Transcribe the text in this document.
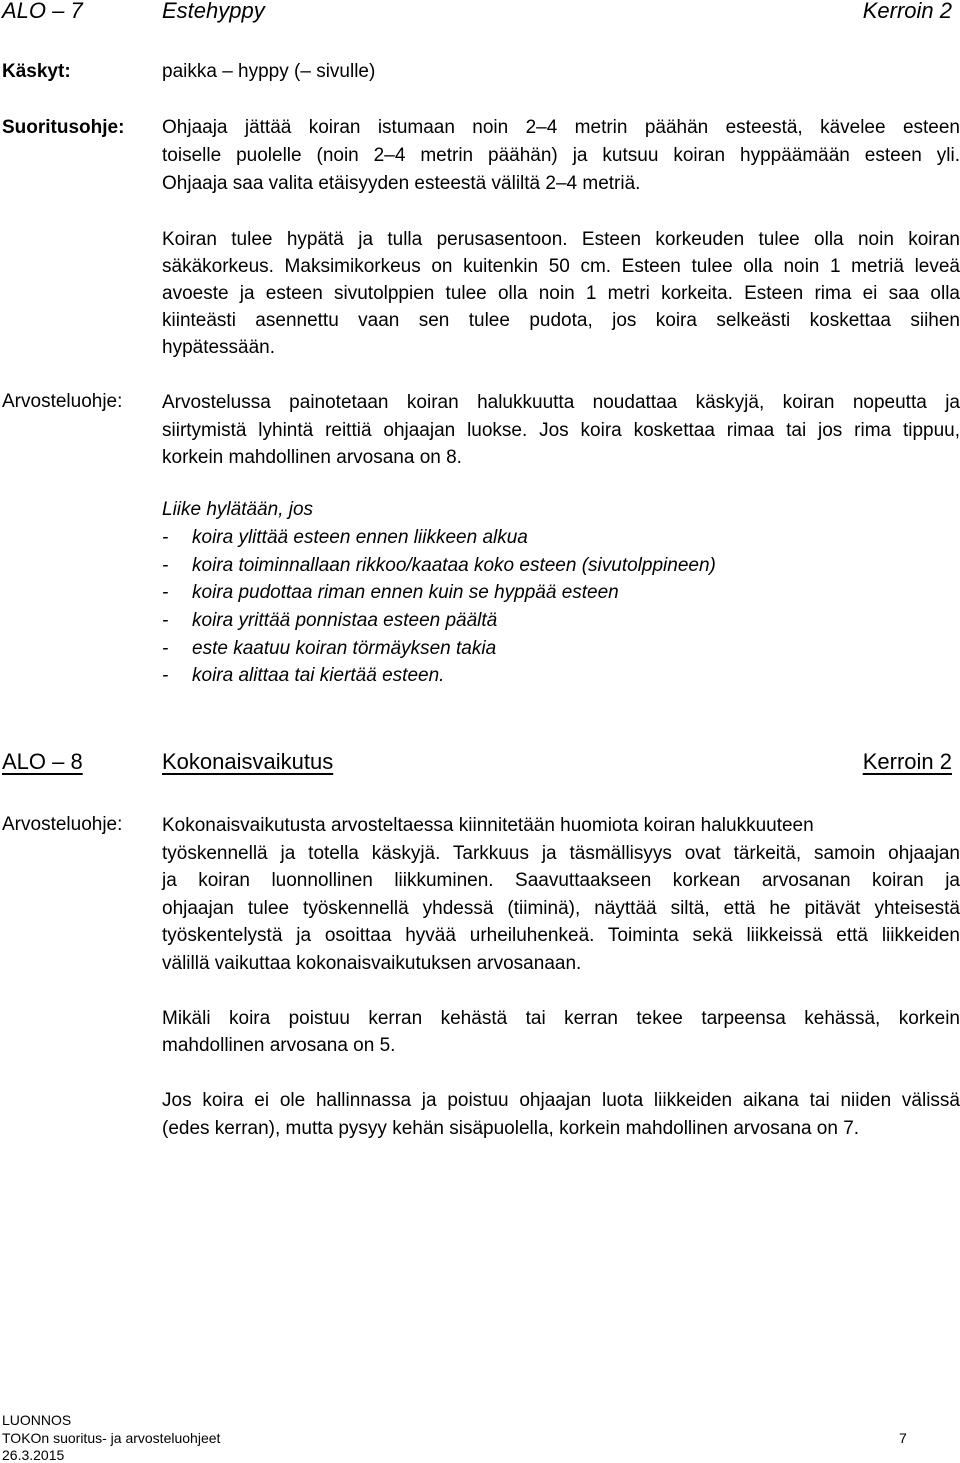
ALO – 7	Estehyppy	Kerroin 2
Käskyt:	paikka – hyppy (– sivulle)
Suoritusohje: Ohjaaja jättää koiran istumaan noin 2–4 metrin päähän esteestä, kävelee esteen
toiselle puolelle (noin 2–4 metrin päähän) ja kutsuu koiran hyppäämään esteen yli.
Ohjaaja saa valita etäisyyden esteestä väliltä 2–4 metriä.
Koiran tulee hypätä ja tulla perusasentoon. Esteen korkeuden tulee olla noin koiran
säkäkorkeus. Maksimikorkeus on kuitenkin 50 cm. Esteen tulee olla noin 1 metriä leveä
avoeste ja esteen sivutolppien tulee olla noin 1 metri korkeita. Esteen rima ei saa olla
kiinteästi asennettu vaan sen tulee pudota, jos koira selkeästi koskettaa siihen
hypätessään.
Arvosteluohje: Arvostelussa painotetaan koiran halukkuutta noudattaa käskyjä, koiran nopeutta ja
siirtymistä lyhintä reittiä ohjaajan luokse. Jos koira koskettaa rimaa tai jos rima tippuu,
korkein mahdollinen arvosana on 8.
Liike hylätään, jos
- koira ylittää esteen ennen liikkeen alkua
- koira toiminnallaan rikkoo/kaataa koko esteen (sivutolppineen)
- koira pudottaa riman ennen kuin se hyppää esteen
- koira yrittää ponnistaa esteen päältä
- este kaatuu koiran törmäyksen takia
- koira alittaa tai kiertää esteen.
ALO – 8	Kokonaisvaikutus	Kerroin 2
Arvosteluohje: Kokonaisvaikutusta arvosteltaessa kiinnitetään huomiota koiran halukkuuteen
työskennellä ja totella käskyjä. Tarkkuus ja täsmällisyys ovat tärkeitä, samoin ohjaajan
ja koiran luonnollinen liikkuminen. Saavuttaakseen korkean arvosanan koiran ja
ohjaajan tulee työskennellä yhdessä (tiiminä), näyttää siltä, että he pitävät yhteisestä
työskentelystä ja osoittaa hyvää urheiluhenkeä. Toiminta sekä liikkeissä että liikkeiden
välillä vaikuttaa kokonaisvaikutuksen arvosanaan.
Mikäli koira poistuu kerran kehästä tai kerran tekee tarpeensa kehässä, korkein
mahdollinen arvosana on 5.
Jos koira ei ole hallinnassa ja poistuu ohjaajan luota liikkeiden aikana tai niiden välissä
(edes kerran), mutta pysyy kehän sisäpuolella, korkein mahdollinen arvosana on 7.
LUONNOS
TOKOn suoritus- ja arvosteluohjeet	7
26.3.2015
